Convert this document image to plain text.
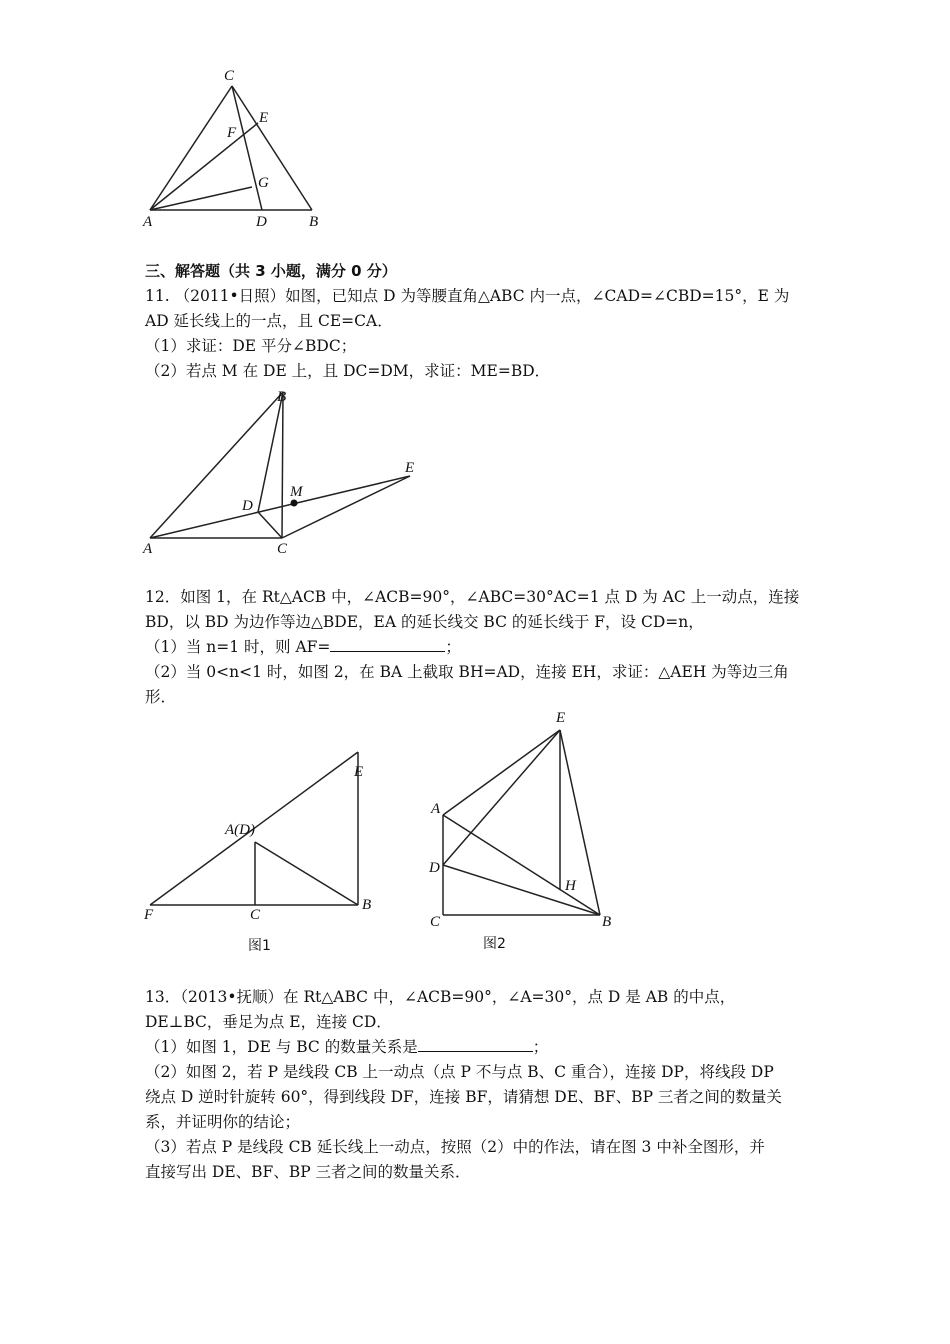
C
E
F
G
A	D	B
B
E
M
D
A	C
E
A(D)
F	C
B
图1
E
A
D
H
C	B
图2

三、解答题（共 3 小题，满分 0 分）

11. （2011•日照）如图，已知点 D 为等腰直角△ABC 内一点，∠CAD=∠CBD=15°，E 为

AD 延长线上的一点，且 CE=CA．

（1）求证：DE 平分∠BDC；

（2）若点 M 在 DE 上，且 DC=DM，求证：ME=BD．

12．如图 1，在 Rt△ACB 中，∠ACB=90°，∠ABC=30°AC=1 点 D 为 AC 上一动点，连接

BD，以 BD 为边作等边△BDE，EA 的延长线交 BC 的延长线于 F，设 CD=n，

（1）当 n=1 时，则 AF=	；

（2）当 0<n<1 时，如图 2，在 BA 上截取 BH=AD，连接 EH，求证：△AEH 为等边三角

形．

13．（2013•抚顺）在 Rt△ABC 中，∠ACB=90°，∠A=30°，点 D 是 AB 的中点，

DE⊥BC，垂足为点 E，连接 CD．

（1）如图 1，DE 与 BC 的数量关系是	；

（2）如图 2，若 P 是线段 CB 上一动点（点 P 不与点 B、C 重合），连接 DP，将线段 DP

绕点 D 逆时针旋转 60°，得到线段 DF，连接 BF，请猜想 DE、BF、BP 三者之间的数量关

系，并证明你的结论；

（3）若点 P 是线段 CB 延长线上一动点，按照（2）中的作法，请在图 3 中补全图形，并

直接写出 DE、BF、BP 三者之间的数量关系．
